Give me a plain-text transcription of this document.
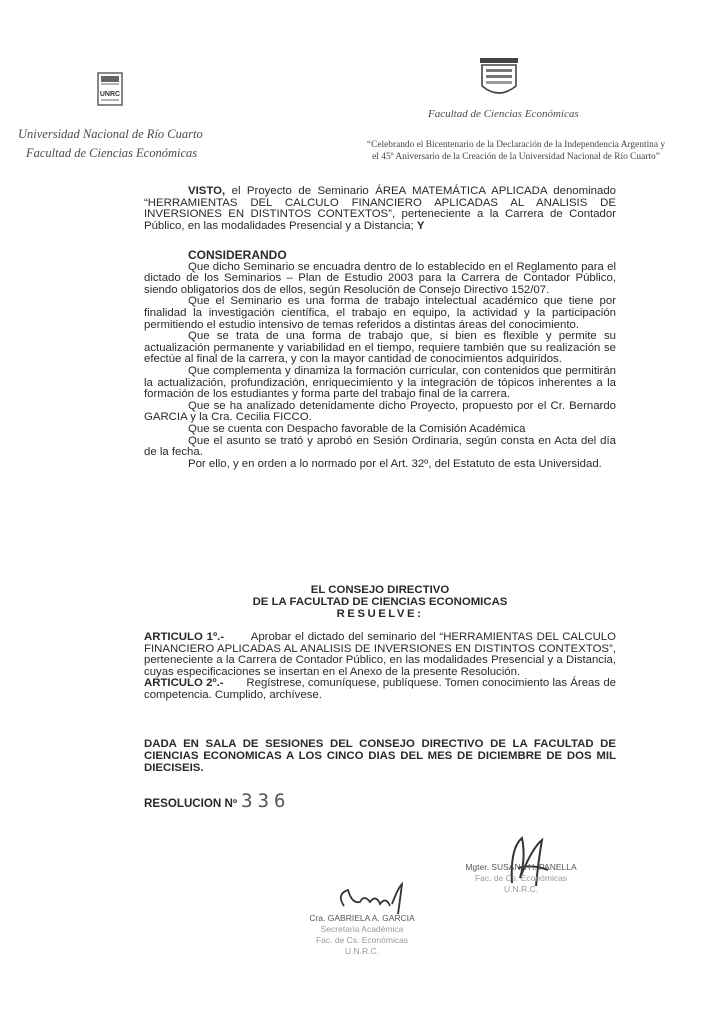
UNRC
Universidad Nacional de Río Cuarto
Facultad de Ciencias Económicas
Facultad de Ciencias Económicas
“Celebrando el Bicentenario de la Declaración de la Independencia Argentina y
el 45º Aniversario de la Creación de la Universidad Nacional de Río Cuarto”

VISTO, el Proyecto de Seminario ÁREA MATEMÁTICA APLICADA denominado “HERRAMIENTAS DEL CALCULO FINANCIERO APLICADAS AL ANALISIS DE INVERSIONES EN DISTINTOS CONTEXTOS”, perteneciente a la Carrera de Contador Público, en las modalidades Presencial y a Distancia; Y

CONSIDERANDO

Que dicho Seminario se encuadra dentro de lo establecido en el Reglamento para el dictado de los Seminarios – Plan de Estudio 2003 para la Carrera de Contador Público, siendo obligatorios dos de ellos, según Resolución de Consejo Directivo 152/07.

Que el Seminario es una forma de trabajo intelectual académico que tiene por finalidad la investigación científica, el trabajo en equipo, la actividad y la participación permitiendo el estudio intensivo de temas referidos a distintas áreas del conocimiento.

Que se trata de una forma de trabajo que, si bien es flexible y permite su actualización permanente y variabilidad en el tiempo, requiere también que su realización se efectúe al final de la carrera, y con la mayor cantidad de conocimientos adquiridos.

Que complementa y dinamiza la formación curricular, con contenidos que permitirán la actualización, profundización, enriquecimiento y la integración de tópicos inherentes a la formación de los estudiantes y forma parte del trabajo final de la carrera.

Que se ha analizado detenidamente dicho Proyecto, propuesto por el Cr. Bernardo GARCIA y la Cra. Cecilia FICCO.

Que se cuenta con Despacho favorable de la Comisión Académica

Que el asunto se trató y aprobó en Sesión Ordinaria, según consta en Acta del día de la fecha.

Por ello, y en orden a lo normado por el Art. 32º, del Estatuto de esta Universidad.

EL CONSEJO DIRECTIVO
DE LA FACULTAD DE CIENCIAS ECONOMICAS
RESUELVE:

ARTICULO 1º.- Aprobar el dictado del seminario del “HERRAMIENTAS DEL CALCULO FINANCIERO APLICADAS AL ANALISIS DE INVERSIONES EN DISTINTOS CONTEXTOS”, perteneciente a la Carrera de Contador Público, en las modalidades Presencial y a Distancia, cuyas especificaciones se insertan en el Anexo de la presente Resolución.

ARTICULO 2º.- Regístrese, comuníquese, publíquese. Tomen conocimiento las Áreas de competencia. Cumplido, archívese.

DADA EN SALA DE SESIONES DEL CONSEJO DIRECTIVO DE LA FACULTAD DE CIENCIAS ECONOMICAS A LOS CINCO DIAS DEL MES DE DICIEMBRE DE DOS MIL DIECISEIS.
RESOLUCION Nº 336
Mgter. SUSANA H. PANELLA
Fac. de Cs. Económicas
U.N.R.C.
Cra. GABRIELA A. GARCIA
Secretaria Académica
Fac. de Cs. Económicas
U.N.R.C.
